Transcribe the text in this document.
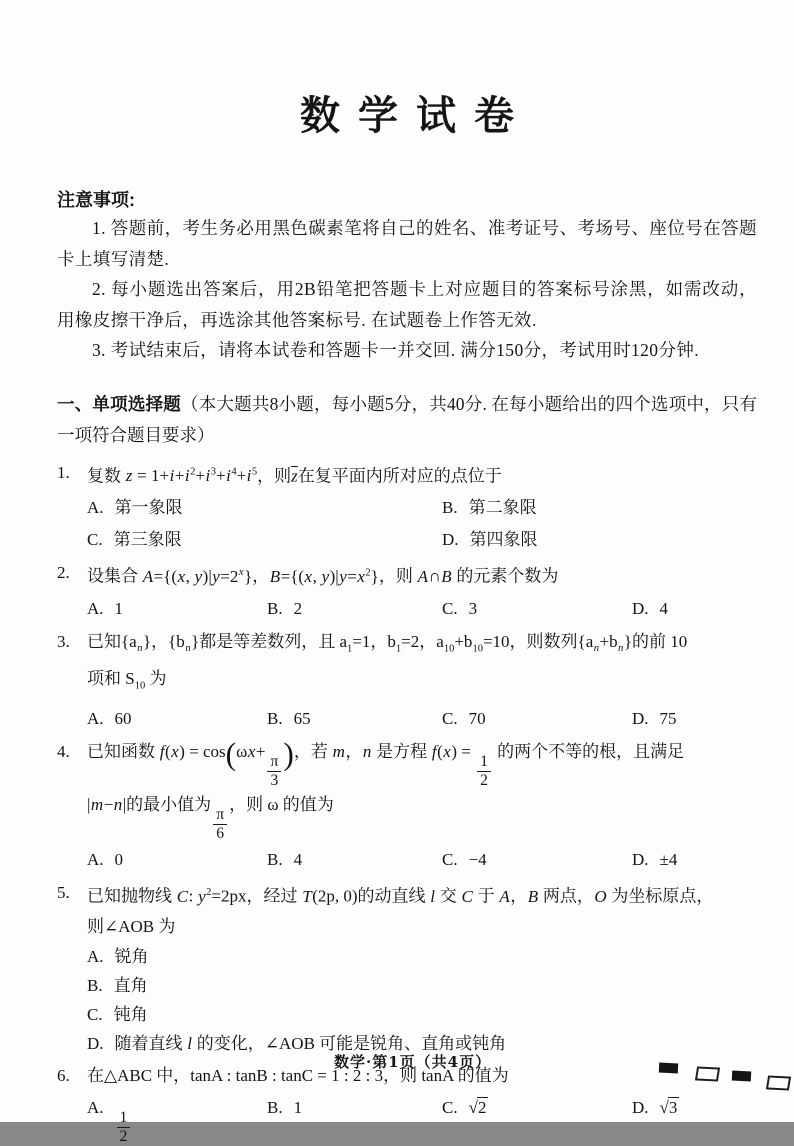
数学试卷
注意事项:

1. 答题前，考生务必用黑色碳素笔将自己的姓名、准考证号、考场号、座位号在答题卡上填写清楚.

2. 每小题选出答案后，用2B铅笔把答题卡上对应题目的答案标号涂黑，如需改动，用橡皮擦干净后，再选涂其他答案标号. 在试题卷上作答无效.

3. 考试结束后，请将本试卷和答题卡一并交回. 满分150分，考试用时120分钟.

一、单项选择题（本大题共8小题，每小题5分，共40分. 在每小题给出的四个选项中，只有一项符合题目要求）
1.	复数 $z = 1+i+i^2+i^3+i^4+i^5$，则$\overline{z}$在复平面内所对应的点位于
A. 第一象限	B. 第二象限
C. 第三象限	D. 第四象限
2.	设集合 A={(x, $y)|y=2^x$}，B={(x, $y)|y=x^2$}，则 A∩B 的元素个数为
A. 1	B. 2	C. 3	D. 4
3.	已知$\{a_n\}$，$\{b_n\}$都是等差数列，且 $a_1=1$，$b_1=2$，$a_{10}+b_{10}=10$，则数列$\{a_n+b_n\}$的前 10
项和 $S_{10}$ 为
A. 60	B. 65	C. 70	D. 75
4.	已知函数 f(x) = cos(ωx+
$\frac{\pi}{3}$ )，若 m，n 是方程 f(x) =
$\frac{1}{2}$
的两个不等的根，且满足
|m−n|的最小值为
$\frac{\pi}{6}$
，则 ω 的值为
A. 0	B. 4	C. −4	D. ±4
5.	已知抛物线 C: $y^2=2px$，经过 T(2p, 0)的动直线 l 交 C 于 A，B 两点，O 为坐标原点，
则∠AOB 为
A. 锐角
B. 直角
C. 钝角
D. 随着直线 l 的变化，∠AOB 可能是锐角、直角或钝角
6.	在△ABC 中，tanA : tanB : tanC = 1 : 2 : 3，则 tanA 的值为
A.
$\frac{1}{2}$
B. 1	C. √2	D. √3
数学·第1页（共4页）
